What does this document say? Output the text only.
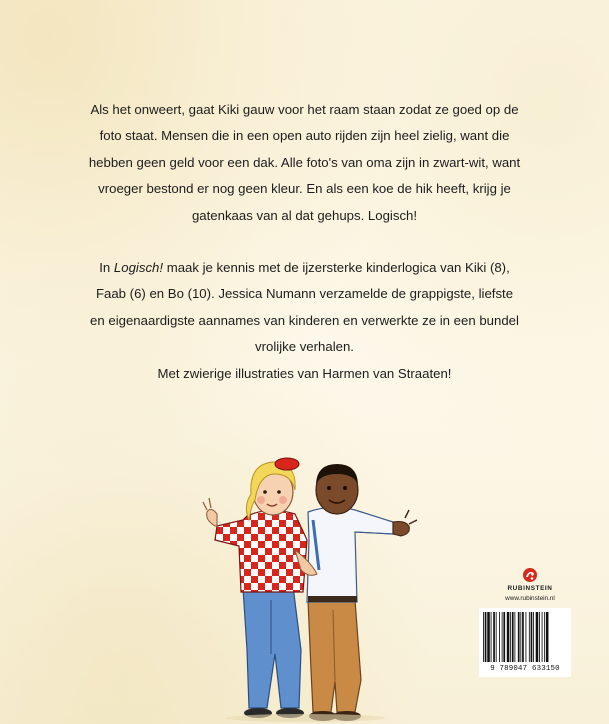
Als het onweert, gaat Kiki gauw voor het raam staan zodat ze goed op de foto staat. Mensen die in een open auto rijden zijn heel zielig, want die hebben geen geld voor een dak. Alle foto's van oma zijn in zwart-wit, want vroeger bestond er nog geen kleur. En als een koe de hik heeft, krijg je gatenkaas van al dat gehups. Logisch!

In Logisch! maak je kennis met de ijzersterke kinderlogica van Kiki (8), Faab (6) en Bo (10). Jessica Numann verzamelde de grappigste, liefste en eigenaardigste aannames van kinderen en verwerkte ze in een bundel vrolijke verhalen.

Met zwierige illustraties van Harmen van Straaten!

RUBINSTEIN
www.rubinstein.nl
9 789047 633150
